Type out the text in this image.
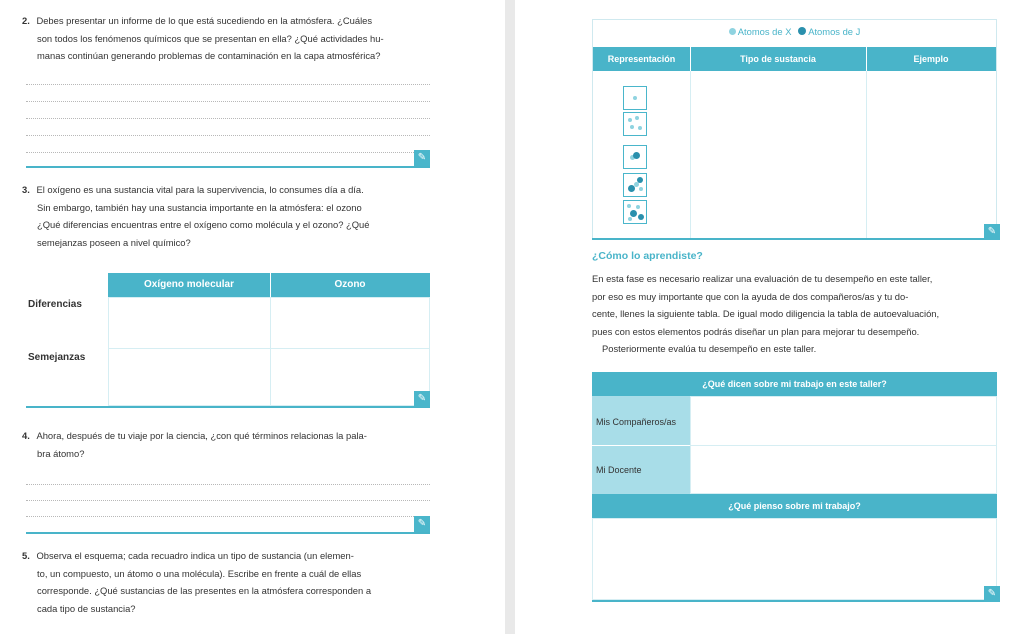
2. Debes presentar un informe de lo que está sucediendo en la atmósfera. ¿Cuáles
son todos los fenómenos químicos que se presentan en ella? ¿Qué actividades hu-
manas continúan generando problemas de contaminación en la capa atmosférica?
✎
3. El oxígeno es una sustancia vital para la supervivencia, lo consumes día a día.
Sin embargo, también hay una sustancia importante en la atmósfera: el ozono
¿Qué diferencias encuentras entre el oxígeno como molécula y el ozono? ¿Qué
semejanzas poseen a nivel químico?
Oxígeno molecular	Ozono
Diferencias
Semejanzas
✎
4. Ahora, después de tu viaje por la ciencia, ¿con qué términos relacionas la pala-
bra átomo?
✎
5. Observa el esquema; cada recuadro indica un tipo de sustancia (un elemen-
to, un compuesto, un átomo o una molécula). Escribe en frente a cuál de ellas
corresponde. ¿Qué sustancias de las presentes en la atmósfera corresponden a
cada tipo de sustancia?
Atomos de X Atomos de J
Representación	Tipo de sustancia	Ejemplo
✎
¿Cómo lo aprendiste?
En esta fase es necesario realizar una evaluación de tu desempeño en este taller,
por eso es muy importante que con la ayuda de dos compañeros/as y tu do-
cente, llenes la siguiente tabla. De igual modo diligencia la tabla de autoevaluación,
pues con estos elementos podrás diseñar un plan para mejorar tu desempeño.
Posteriormente evalúa tu desempeño en este taller.
¿Qué dicen sobre mi trabajo en este taller?
Mis Compañeros/as
Mi Docente
¿Qué pienso sobre mi trabajo?
✎
